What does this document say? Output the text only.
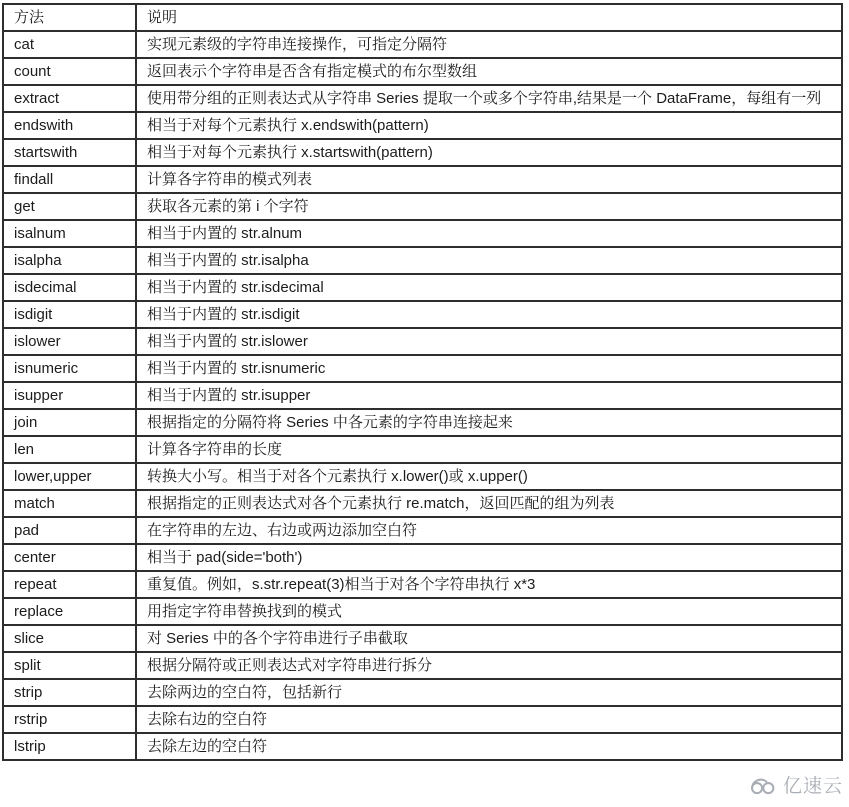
方法	说明
cat	实现元素级的字符串连接操作，可指定分隔符
count	返回表示个字符串是否含有指定模式的布尔型数组
extract	使用带分组的正则表达式从字符串 Series 提取一个或多个字符串,结果是一个 DataFrame，每组有一列
endswith	相当于对每个元素执行 x.endswith(pattern)
startswith	相当于对每个元素执行 x.startswith(pattern)
findall	计算各字符串的模式列表
get	获取各元素的第 i 个字符
isalnum	相当于内置的 str.alnum
isalpha	相当于内置的 str.isalpha
isdecimal	相当于内置的 str.isdecimal
isdigit	相当于内置的 str.isdigit
islower	相当于内置的 str.islower
isnumeric	相当于内置的 str.isnumeric
isupper	相当于内置的 str.isupper
join	根据指定的分隔符将 Series 中各元素的字符串连接起来
len	计算各字符串的长度
lower,upper	转换大小写。相当于对各个元素执行 x.lower()或 x.upper()
match	根据指定的正则表达式对各个元素执行 re.match，返回匹配的组为列表
pad	在字符串的左边、右边或两边添加空白符
center	相当于 pad(side='both')
repeat	重复值。例如，s.str.repeat(3)相当于对各个字符串执行 x*3
replace	用指定字符串替换找到的模式
slice	对 Series 中的各个字符串进行子串截取
split	根据分隔符或正则表达式对字符串进行拆分
strip	去除两边的空白符，包括新行
rstrip	去除右边的空白符
lstrip	去除左边的空白符
亿速云
